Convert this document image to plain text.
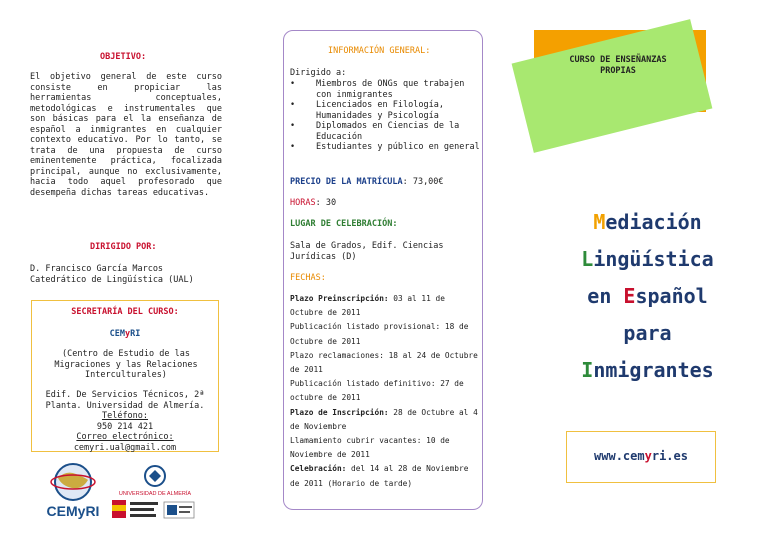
OBJETIVO:
El objetivo general de este curso consiste en propiciar las herramientas conceptuales, metodológicas e instrumentales que son básicas para el la enseñanza de español a inmigrantes en cualquier contexto educativo. Por lo tanto, se trata de una propuesta de curso eminentemente práctica, focalizada principal, aunque no exclusivamente, hacia todo aquel profesorado que desempeña dichas tareas educativas.
DIRIGIDO POR:
D. Francisco García Marcos
Catedrático de Lingüística (UAL)
SECRETARÍA DEL CURSO:
CEMyRI
(Centro de Estudio de las Migraciones y las Relaciones Interculturales)
Edif. De Servicios Técnicos, 2ª Planta. Universidad de Almería.
Teléfono:
950 214 421
Correo electrónico:
cemyri.ual@gmail.com
CEMyRI
UNIVERSIDAD DE ALMERÍA
INFORMACIÓN GENERAL:
Dirigido a:
• Miembros de ONGs que trabajen con inmigrantes
• Licenciados en Filología, Humanidades y Psicología
• Diplomados en Ciencias de la Educación
• Estudiantes y público en general
PRECIO DE LA MATRÍCULA: 73,00€
HORAS: 30
LUGAR DE CELEBRACIÓN:
Sala de Grados, Edif. Ciencias Jurídicas (D)
FECHAS:
Plazo Preinscripción: 03 al 11 de Octubre de 2011
Publicación listado provisional: 18 de Octubre de 2011
Plazo reclamaciones: 18 al 24 de Octubre de 2011
Publicación listado definitivo: 27 de octubre de 2011
Plazo de Inscripción: 28 de Octubre al 4 de Noviembre
Llamamiento cubrir vacantes: 10 de Noviembre de 2011
Celebración: del 14 al 28 de Noviembre de 2011 (Horario de tarde)
CURSO DE ENSEÑANZAS PROPIAS
Mediación
Lingüística
en Español
para
Inmigrantes
www.cemyri.es
